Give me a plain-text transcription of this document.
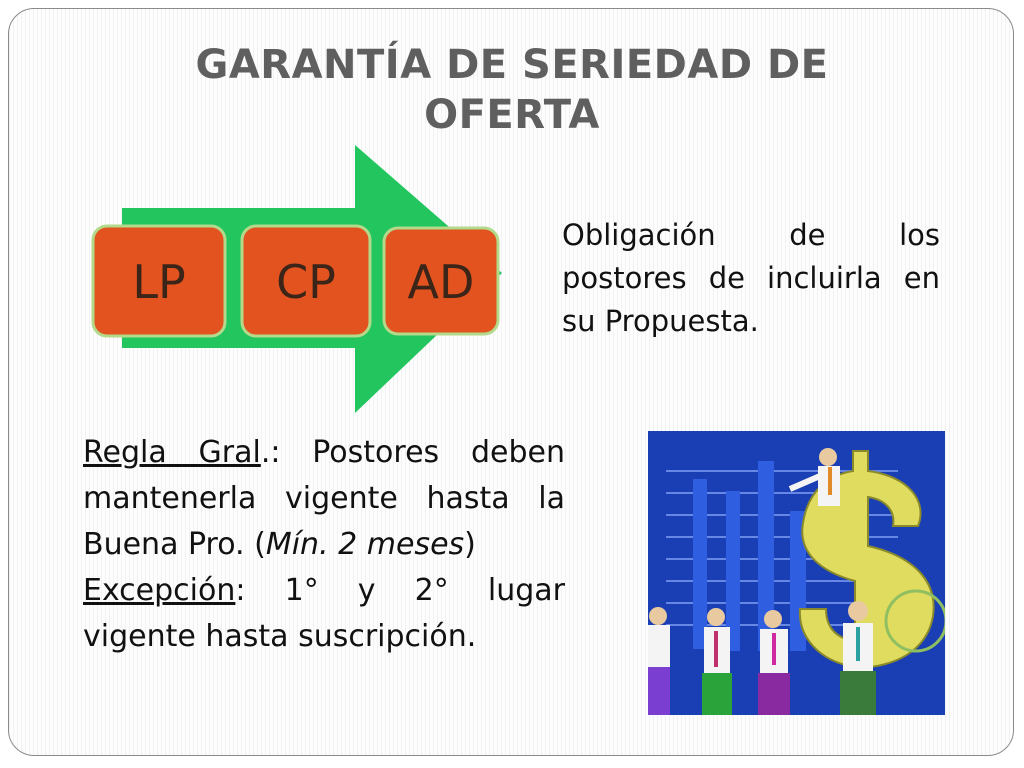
GARANTÍA DE SERIEDAD DE OFERTA
LP CP AD
Obligación de los postores de incluirla en su Propuesta.
Regla Gral.: Postores deben mantenerla vigente hasta la Buena Pro. (Mín. 2 meses)
Excepción: 1° y 2° lugar vigente hasta suscripción.
